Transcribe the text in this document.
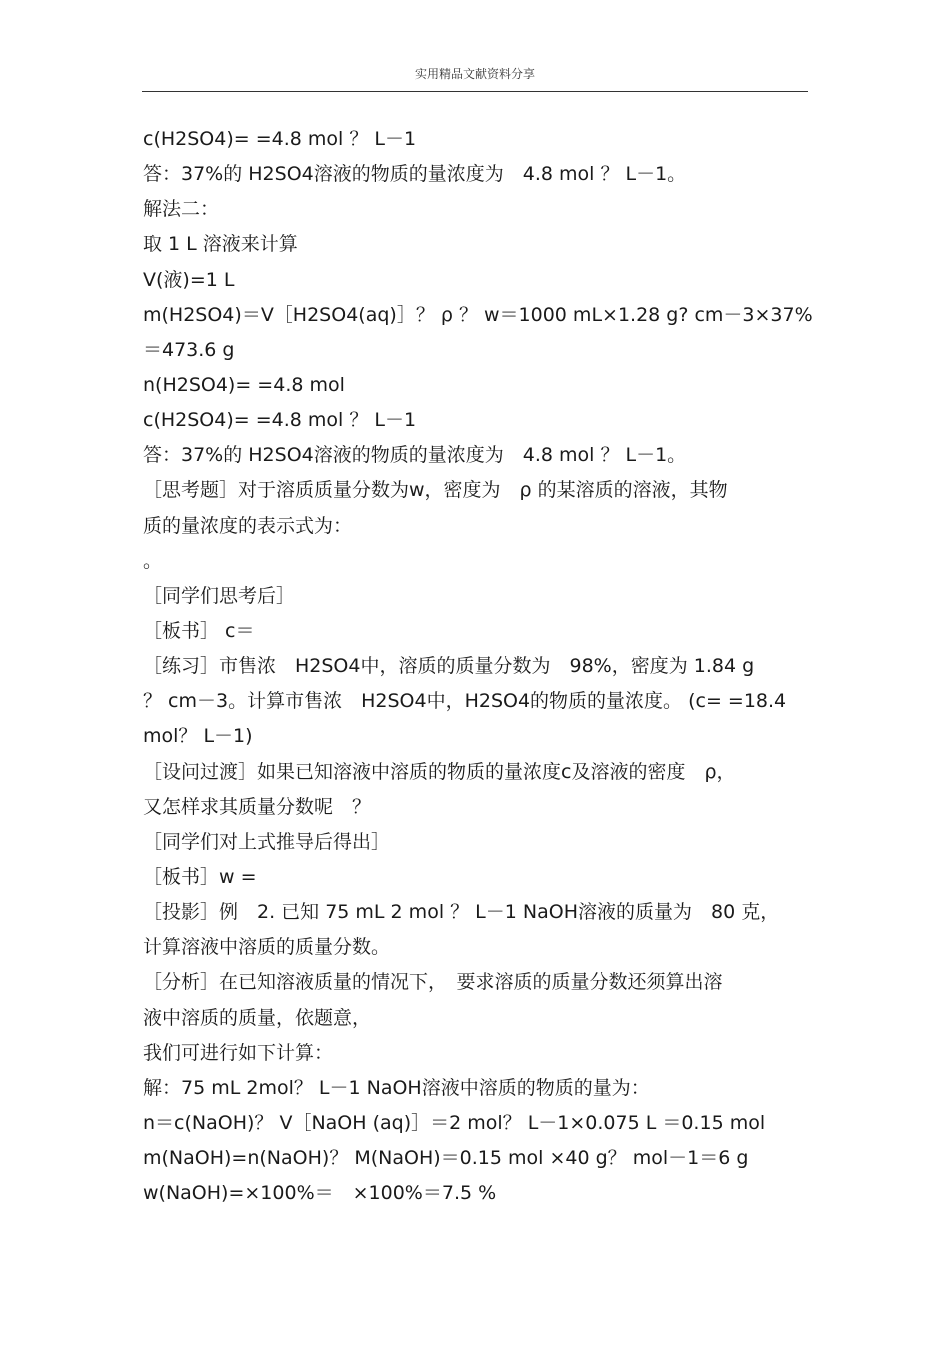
实用精品文献资料分享
c(H2SO4)= =4.8 mol ？ L－1
答：37%的 H2SO4溶液的物质的量浓度为　4.8 mol ？ L－1。
解法二：
取 1 L 溶液来计算
V(液)=1 L
m(H2SO4)＝V［H2SO4(aq)］？ ρ ？ w＝1000 mL×1.28 g? cm－3×37%
＝473.6 g
n(H2SO4)= =4.8 mol
c(H2SO4)= =4.8 mol ？ L－1
答：37%的 H2SO4溶液的物质的量浓度为　4.8 mol ？ L－1。
［思考题］对于溶质质量分数为w，密度为　ρ 的某溶质的溶液，其物
质的量浓度的表示式为：
。
［同学们思考后］
［板书］ c＝
［练习］市售浓　H2SO4中，溶质的质量分数为　98%，密度为 1.84 g
？ cm－3。计算市售浓　H2SO4中，H2SO4的物质的量浓度。 (c= =18.4
mol？ L－1)
［设问过渡］如果已知溶液中溶质的物质的量浓度c及溶液的密度　ρ，
又怎样求其质量分数呢　？
［同学们对上式推导后得出］
［板书］w =
［投影］例　2. 已知 75 mL 2 mol ？ L－1 NaOH溶液的质量为　80 克，
计算溶液中溶质的质量分数。
［分析］在已知溶液质量的情况下，　要求溶质的质量分数还须算出溶
液中溶质的质量，依题意，
我们可进行如下计算：
解：75 mL 2mol？ L－1 NaOH溶液中溶质的物质的量为：
n＝c(NaOH)？ V［NaOH (aq)］＝2 mol？ L－1×0.075 L ＝0.15 mol
m(NaOH)=n(NaOH)？ M(NaOH)＝0.15 mol ×40 g？ mol－1＝6 g
w(NaOH)=×100%＝　×100%＝7.5 %
